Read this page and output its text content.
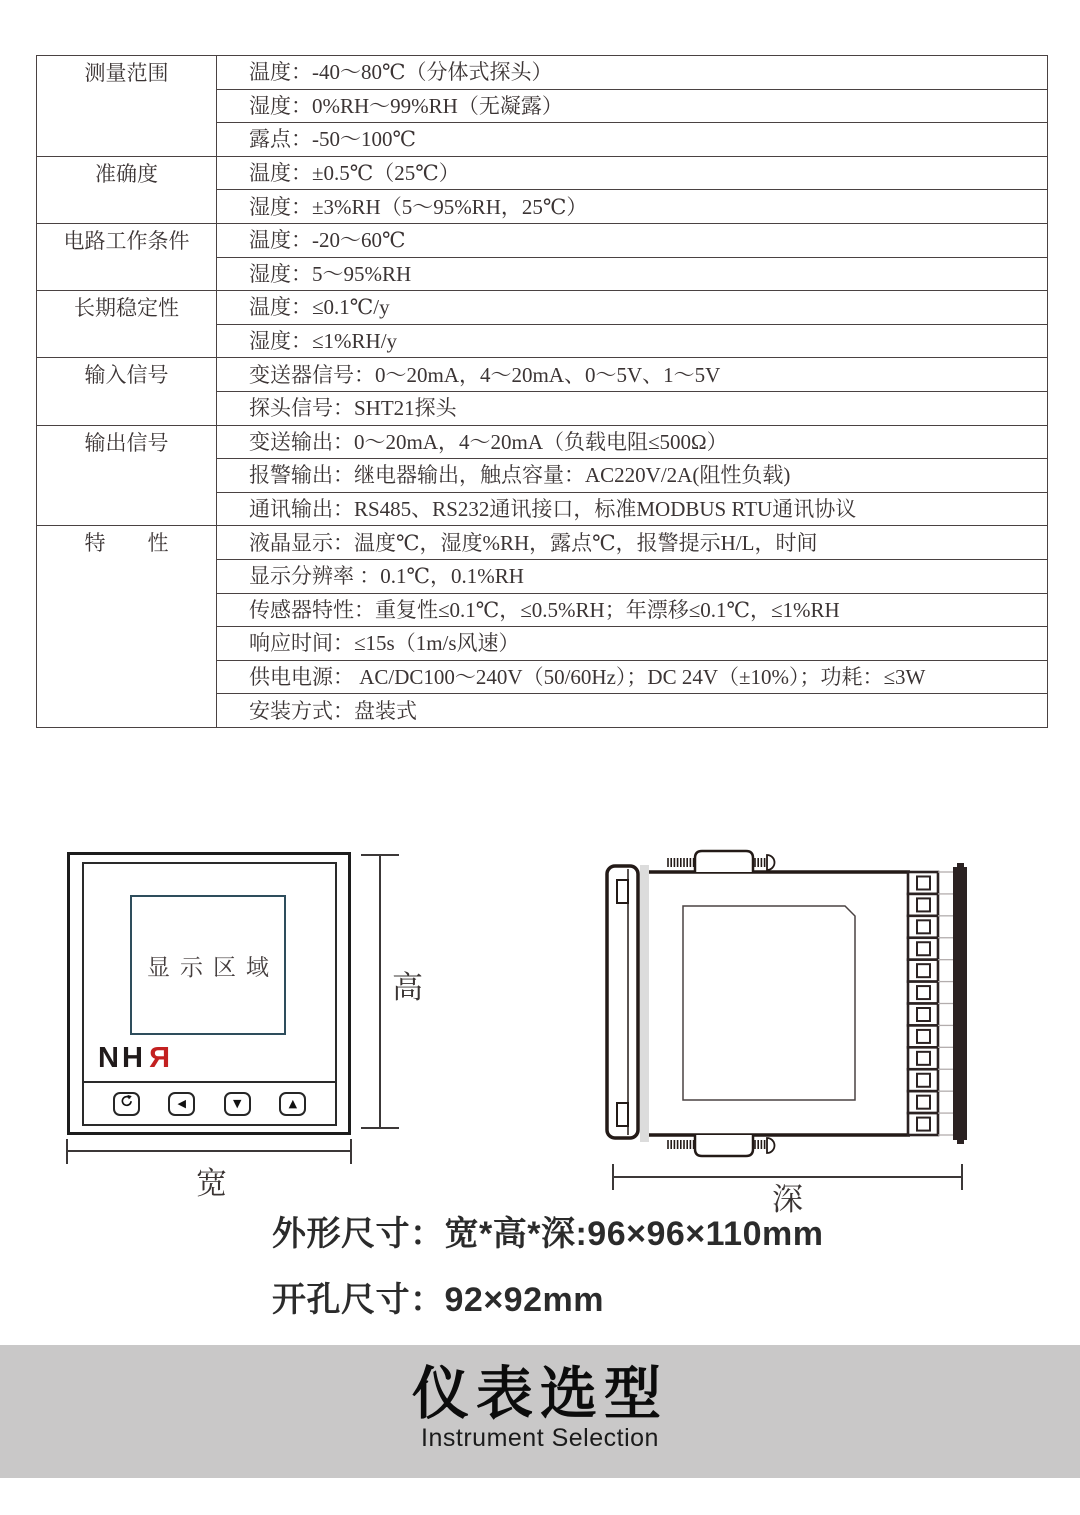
测量范围	温度：-40～80℃（分体式探头）
	湿度：0%RH～99%RH（无凝露）
	露点：-50～100℃
准确度	温度：±0.5℃（25℃）
	湿度：±3%RH（5～95%RH，25℃）
电路工作条件	温度：-20～60℃
	湿度：5～95%RH
长期稳定性	温度：≤0.1℃/y
	湿度：≤1%RH/y
输入信号	变送器信号：0～20mA，4～20mA、0～5V、1～5V
	探头信号：SHT21探头
输出信号	变送输出：0～20mA，4～20mA（负载电阻≤500Ω）
	报警输出：继电器输出，触点容量：AC220V/2A(阻性负载)
	通讯输出：RS485、RS232通讯接口，标准MODBUS RTU通讯协议
特　　性	液晶显示：温度℃，湿度%RH，露点℃，报警提示H/L，时间
	显示分辨率 ：0.1℃，0.1%RH
	传感器特性：重复性≤0.1℃，≤0.5%RH；年漂移≤0.1℃，≤1%RH
	响应时间：≤15s（1m/s风速）
	供电电源： AC/DC100～240V（50/60Hz）；DC 24V（±10%）；功耗：≤3W
	安装方式：盘装式
显示区域
NHR
◀	▼	▲
高
宽	深
外形尺寸：宽*高*深:96×96×110mm
开孔尺寸：92×92mm
仪表选型
Instrument Selection
